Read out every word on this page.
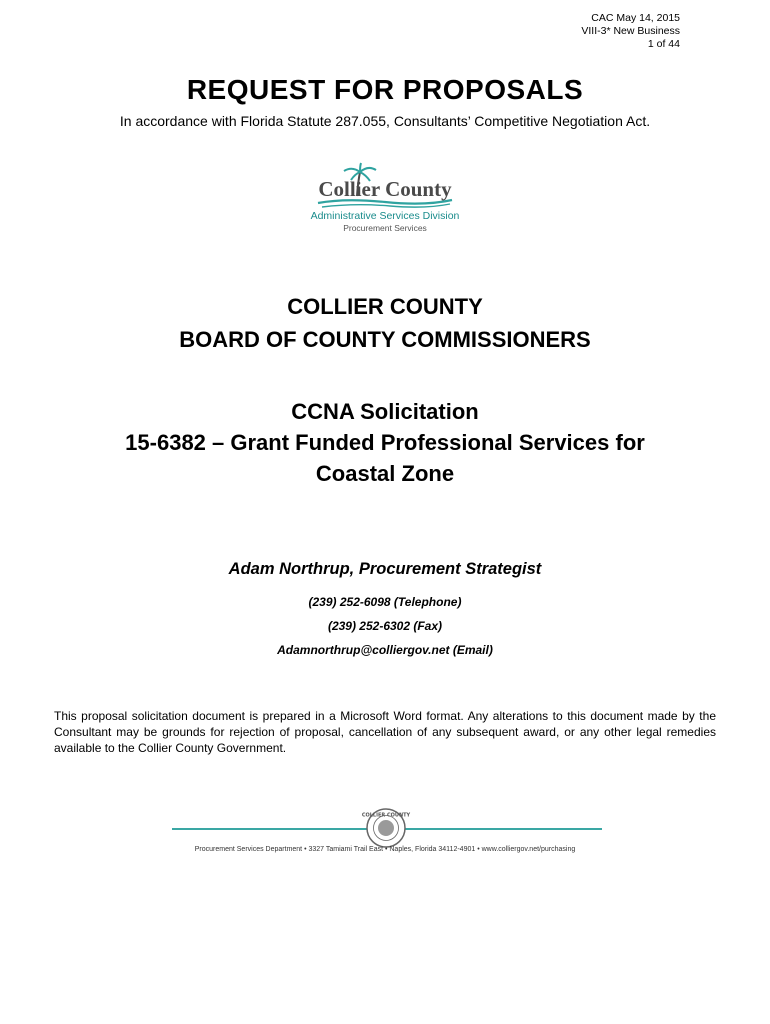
CAC May 14, 2015
VIII-3* New Business
1 of 44
REQUEST FOR PROPOSALS
In accordance with Florida Statute 287.055, Consultants’ Competitive Negotiation Act.
Collier County
Administrative Services Division
Procurement Services
COLLIER COUNTY
BOARD OF COUNTY COMMISSIONERS
CCNA Solicitation
15-6382 – Grant Funded Professional Services for
Coastal Zone
Adam Northrup, Procurement Strategist
(239) 252-6098 (Telephone)
(239) 252-6302 (Fax)
Adamnorthrup@colliergov.net (Email)
This proposal solicitation document is prepared in a Microsoft Word format. Any alterations to this document made by the Consultant may be grounds for rejection of proposal, cancellation of any subsequent award, or any other legal remedies available to the Collier County Government.
COLLIER COUNTY
Procurement Services Department • 3327 Tamiami Trail East • Naples, Florida 34112-4901 • www.colliergov.net/purchasing
